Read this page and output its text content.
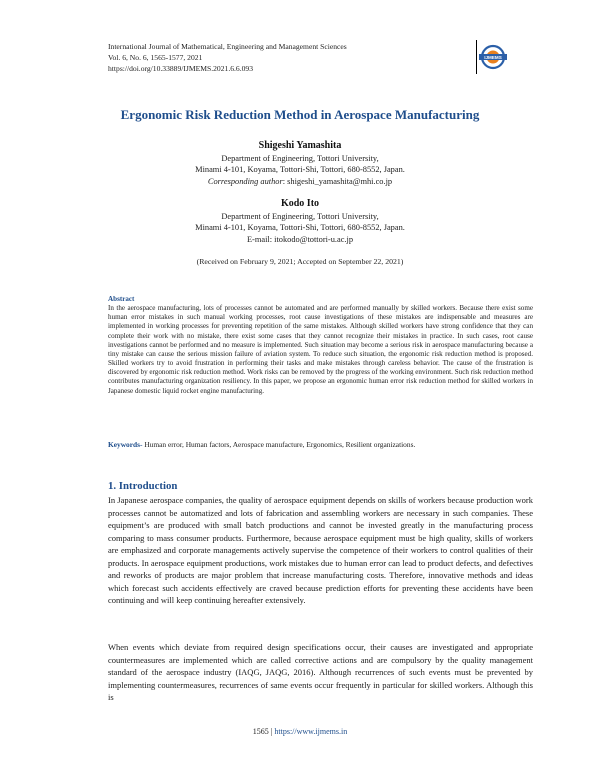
International Journal of Mathematical, Engineering and Management Sciences
Vol. 6, No. 6, 1565-1577, 2021
https://doi.org/10.33889/IJMEMS.2021.6.6.093
IJMEMS
Ergonomic Risk Reduction Method in Aerospace Manufacturing
Shigeshi Yamashita
Department of Engineering, Tottori University,
Minami 4-101, Koyama, Tottori-Shi, Tottori, 680-8552, Japan.
Corresponding author: shigeshi_yamashita@mhi.co.jp
Kodo Ito
Department of Engineering, Tottori University,
Minami 4-101, Koyama, Tottori-Shi, Tottori, 680-8552, Japan.
E-mail: itokodo@tottori-u.ac.jp
(Received on February 9, 2021; Accepted on September 22, 2021)
Abstract
In the aerospace manufacturing, lots of processes cannot be automated and are performed manually by skilled workers. Because there exist some human error mistakes in such manual working processes, root cause investigations of these mistakes are indispensable and measures are implemented in working processes for preventing repetition of the same mistakes. Although skilled workers have strong confidence that they can complete their work with no mistake, there exist some cases that they cannot recognize their mistakes in practice. In such cases, root cause investigations cannot be performed and no measure is implemented. Such situation may become a serious risk in aerospace manufacturing because a tiny mistake can cause the serious mission failure of aviation system. To reduce such situation, the ergonomic risk reduction method is proposed. Skilled workers try to avoid frustration in performing their tasks and make mistakes through careless behavior. The cause of the frustration is discovered by ergonomic risk reduction method. Work risks can be removed by the progress of the working environment. Such risk reduction method contributes manufacturing organization resiliency. In this paper, we propose an ergonomic human error risk reduction method for skilled workers in Japanese domestic liquid rocket engine manufacturing.
Keywords- Human error, Human factors, Aerospace manufacture, Ergonomics, Resilient organizations.
1. Introduction
In Japanese aerospace companies, the quality of aerospace equipment depends on skills of workers because production work processes cannot be automatized and lots of fabrication and assembling workers are necessary in such companies. These equipment’s are produced with small batch productions and cannot be invested greatly in the manufacturing process comparing to mass consumer products. Furthermore, because aerospace equipment must be high quality, skills of workers are emphasized and corporate managements actively supervise the competence of their workers to control qualities of their products. In aerospace equipment productions, work mistakes due to human error can lead to product defects, and defectives and reworks of products are major problem that increase manufacturing costs. Therefore, innovative methods and ideas which forecast such accidents effectively are craved because prediction efforts for preventing these accidents have been continuing and will keep continuing hereafter extensively.
When events which deviate from required design specifications occur, their causes are investigated and appropriate countermeasures are implemented which are called corrective actions and are compulsory by the quality management standard of the aerospace industry (IAQG, JAQG, 2016). Although recurrences of such events must be prevented by implementing countermeasures, recurrences of same events occur frequently in particular for skilled workers. Although this is
1565 | https://www.ijmems.in
